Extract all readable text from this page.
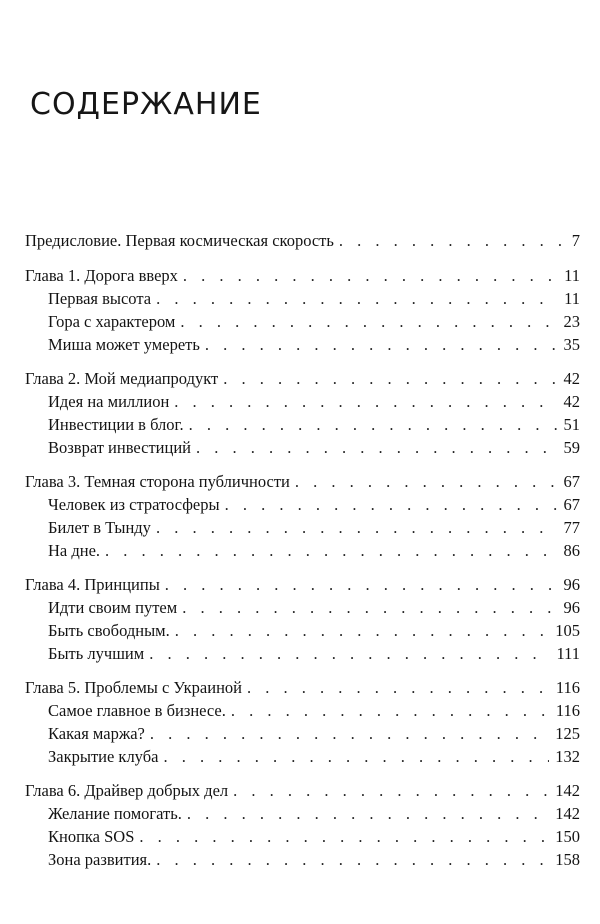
СОДЕРЖАНИЕ
Предисловие. Первая космическая скорость . . .	7
Глава 1. Дорога вверх . . .	11
Первая высота . . .	11
Гора с характером . . .	23
Миша может умереть . . .	35
Глава 2. Мой медиапродукт . . .	42
Идея на миллион . . .	42
Инвестиции в блог. . . .	51
Возврат инвестиций . . .	59
Глава 3. Темная сторона публичности . . .	67
Человек из стратосферы . . .	67
Билет в Тынду . . .	77
На дне. . . .	86
Глава 4. Принципы . . .	96
Идти своим путем . . .	96
Быть свободным. . . .	105
Быть лучшим . . .	111
Глава 5. Проблемы с Украиной . . .	116
Самое главное в бизнесе. . . .	116
Какая маржа? . . .	125
Закрытие клуба . . .	132
Глава 6. Драйвер добрых дел . . .	142
Желание помогать. . . .	142
Кнопка SOS . . .	150
Зона развития. . . .	158
